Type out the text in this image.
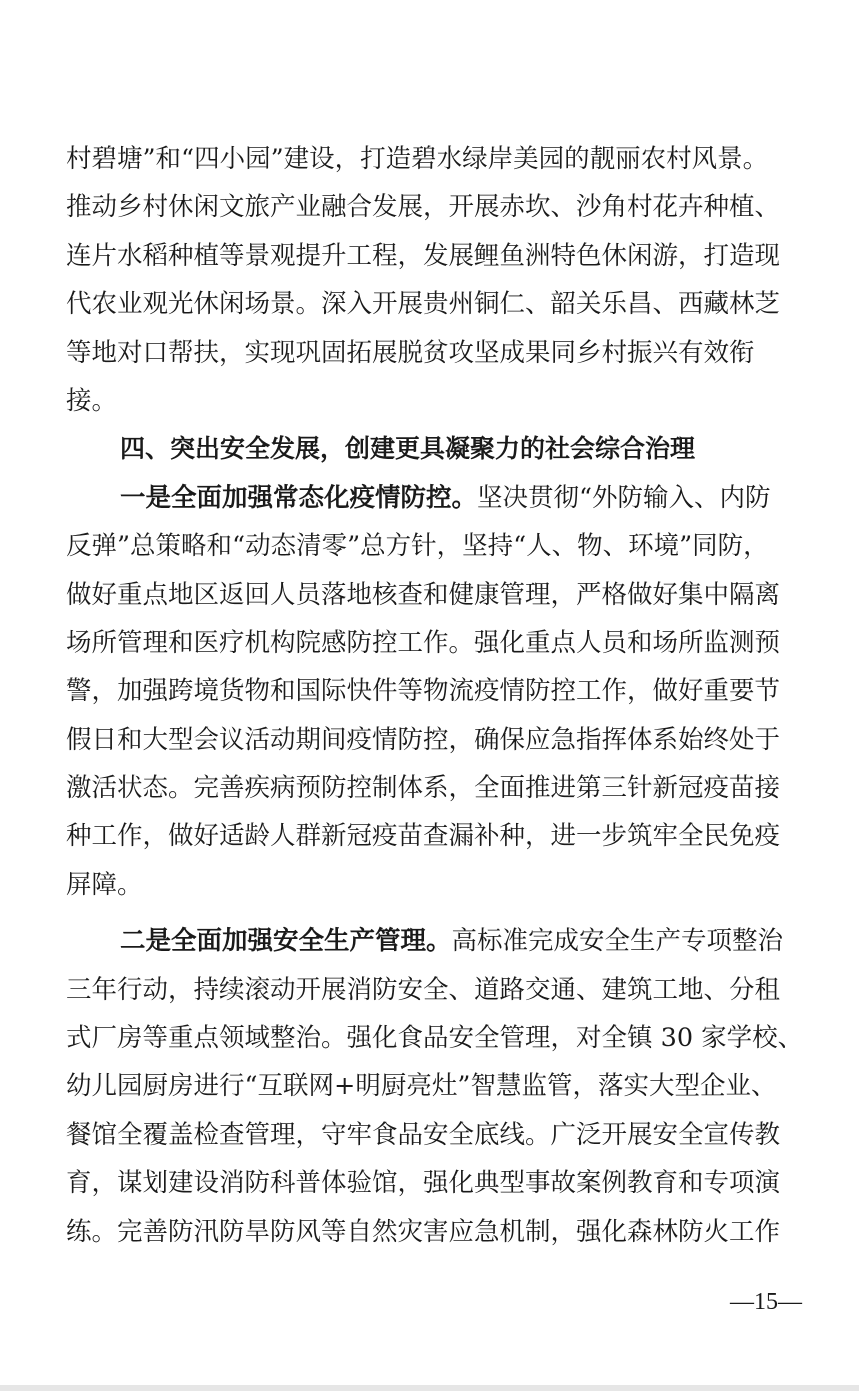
村碧塘”和“四小园”建设，打造碧水绿岸美园的靓丽农村风景。
推动乡村休闲文旅产业融合发展，开展赤坎、沙角村花卉种植、
连片水稻种植等景观提升工程，发展鲤鱼洲特色休闲游，打造现
代农业观光休闲场景。深入开展贵州铜仁、韶关乐昌、西藏林芝
等地对口帮扶，实现巩固拓展脱贫攻坚成果同乡村振兴有效衔
接。
四、突出安全发展，创建更具凝聚力的社会综合治理
一是全面加强常态化疫情防控。坚决贯彻“外防输入、内防
反弹”总策略和“动态清零”总方针，坚持“人、物、环境”同防，
做好重点地区返回人员落地核查和健康管理，严格做好集中隔离
场所管理和医疗机构院感防控工作。强化重点人员和场所监测预
警，加强跨境货物和国际快件等物流疫情防控工作，做好重要节
假日和大型会议活动期间疫情防控，确保应急指挥体系始终处于
激活状态。完善疾病预防控制体系，全面推进第三针新冠疫苗接
种工作，做好适龄人群新冠疫苗查漏补种，进一步筑牢全民免疫
屏障。
二是全面加强安全生产管理。高标准完成安全生产专项整治
三年行动，持续滚动开展消防安全、道路交通、建筑工地、分租
式厂房等重点领域整治。强化食品安全管理，对全镇 30 家学校、
幼儿园厨房进行“互联网+明厨亮灶”智慧监管，落实大型企业、
餐馆全覆盖检查管理，守牢食品安全底线。广泛开展安全宣传教
育，谋划建设消防科普体验馆，强化典型事故案例教育和专项演
练。完善防汛防旱防风等自然灾害应急机制，强化森林防火工作
—15—
